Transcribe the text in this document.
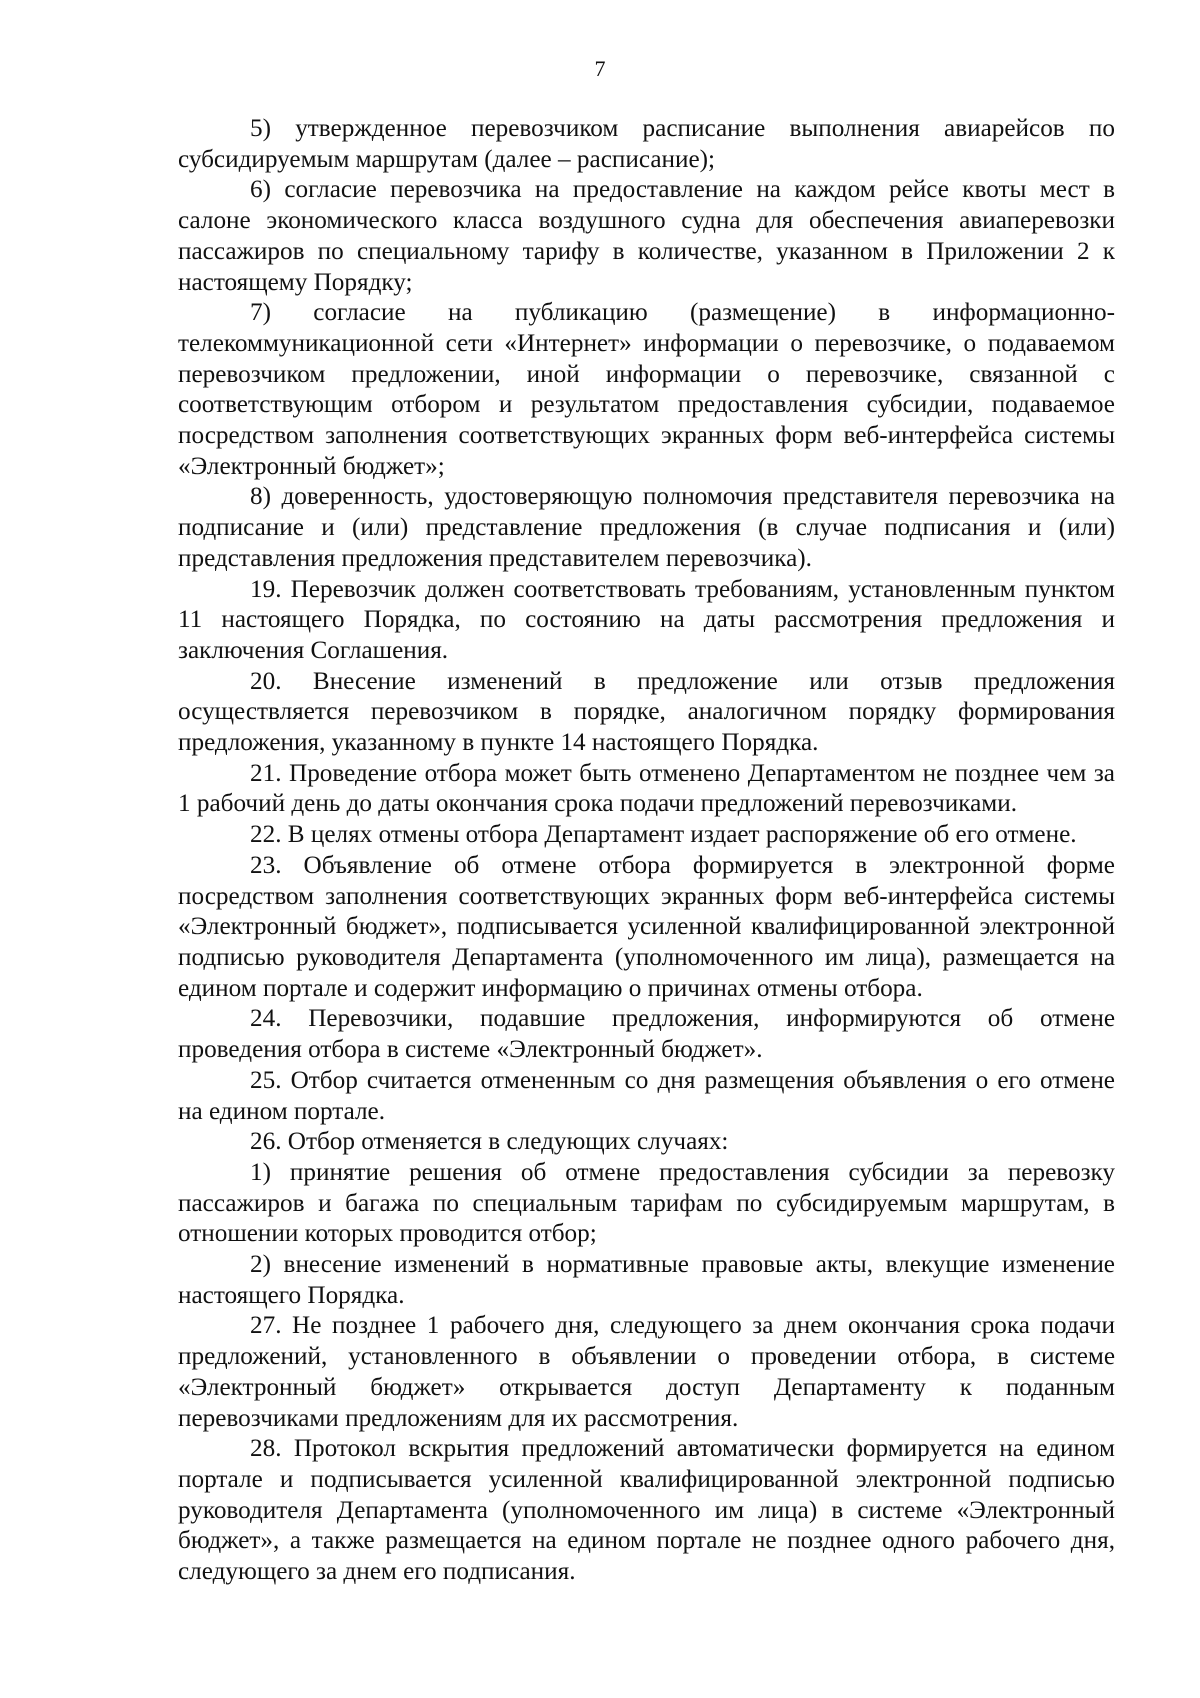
7

5) утвержденное перевозчиком расписание выполнения авиарейсов по субсидируемым маршрутам (далее – расписание);

6) согласие перевозчика на предоставление на каждом рейсе квоты мест в салоне экономического класса воздушного судна для обеспечения авиаперевозки пассажиров по специальному тарифу в количестве, указанном в Приложении 2 к настоящему Порядку;

7) согласие на публикацию (размещение) в информационно-телекоммуникационной сети «Интернет» информации о перевозчике, о подаваемом перевозчиком предложении, иной информации о перевозчике, связанной с соответствующим отбором и результатом предоставления субсидии, подаваемое посредством заполнения соответствующих экранных форм веб-интерфейса системы «Электронный бюджет»;

8) доверенность, удостоверяющую полномочия представителя перевозчика на подписание и (или) представление предложения (в случае подписания и (или) представления предложения представителем перевозчика).

19. Перевозчик должен соответствовать требованиям, установленным пунктом 11 настоящего Порядка, по состоянию на даты рассмотрения предложения и заключения Соглашения.

20. Внесение изменений в предложение или отзыв предложения осуществляется перевозчиком в порядке, аналогичном порядку формирования предложения, указанному в пункте 14 настоящего Порядка.

21. Проведение отбора может быть отменено Департаментом не позднее чем за 1 рабочий день до даты окончания срока подачи предложений перевозчиками.

22. В целях отмены отбора Департамент издает распоряжение об его отмене.

23. Объявление об отмене отбора формируется в электронной форме посредством заполнения соответствующих экранных форм веб-интерфейса системы «Электронный бюджет», подписывается усиленной квалифицированной электронной подписью руководителя Департамента (уполномоченного им лица), размещается на едином портале и содержит информацию о причинах отмены отбора.

24. Перевозчики, подавшие предложения, информируются об отмене проведения отбора в системе «Электронный бюджет».

25. Отбор считается отмененным со дня размещения объявления о его отмене на едином портале.

26. Отбор отменяется в следующих случаях:

1) принятие решения об отмене предоставления субсидии за перевозку пассажиров и багажа по специальным тарифам по субсидируемым маршрутам, в отношении которых проводится отбор;

2) внесение изменений в нормативные правовые акты, влекущие изменение настоящего Порядка.

27. Не позднее 1 рабочего дня, следующего за днем окончания срока подачи предложений, установленного в объявлении о проведении отбора, в системе «Электронный бюджет» открывается доступ Департаменту к поданным перевозчиками предложениям для их рассмотрения.

28. Протокол вскрытия предложений автоматически формируется на едином портале и подписывается усиленной квалифицированной электронной подписью руководителя Департамента (уполномоченного им лица) в системе «Электронный бюджет», а также размещается на едином портале не позднее одного рабочего дня, следующего за днем его подписания.
